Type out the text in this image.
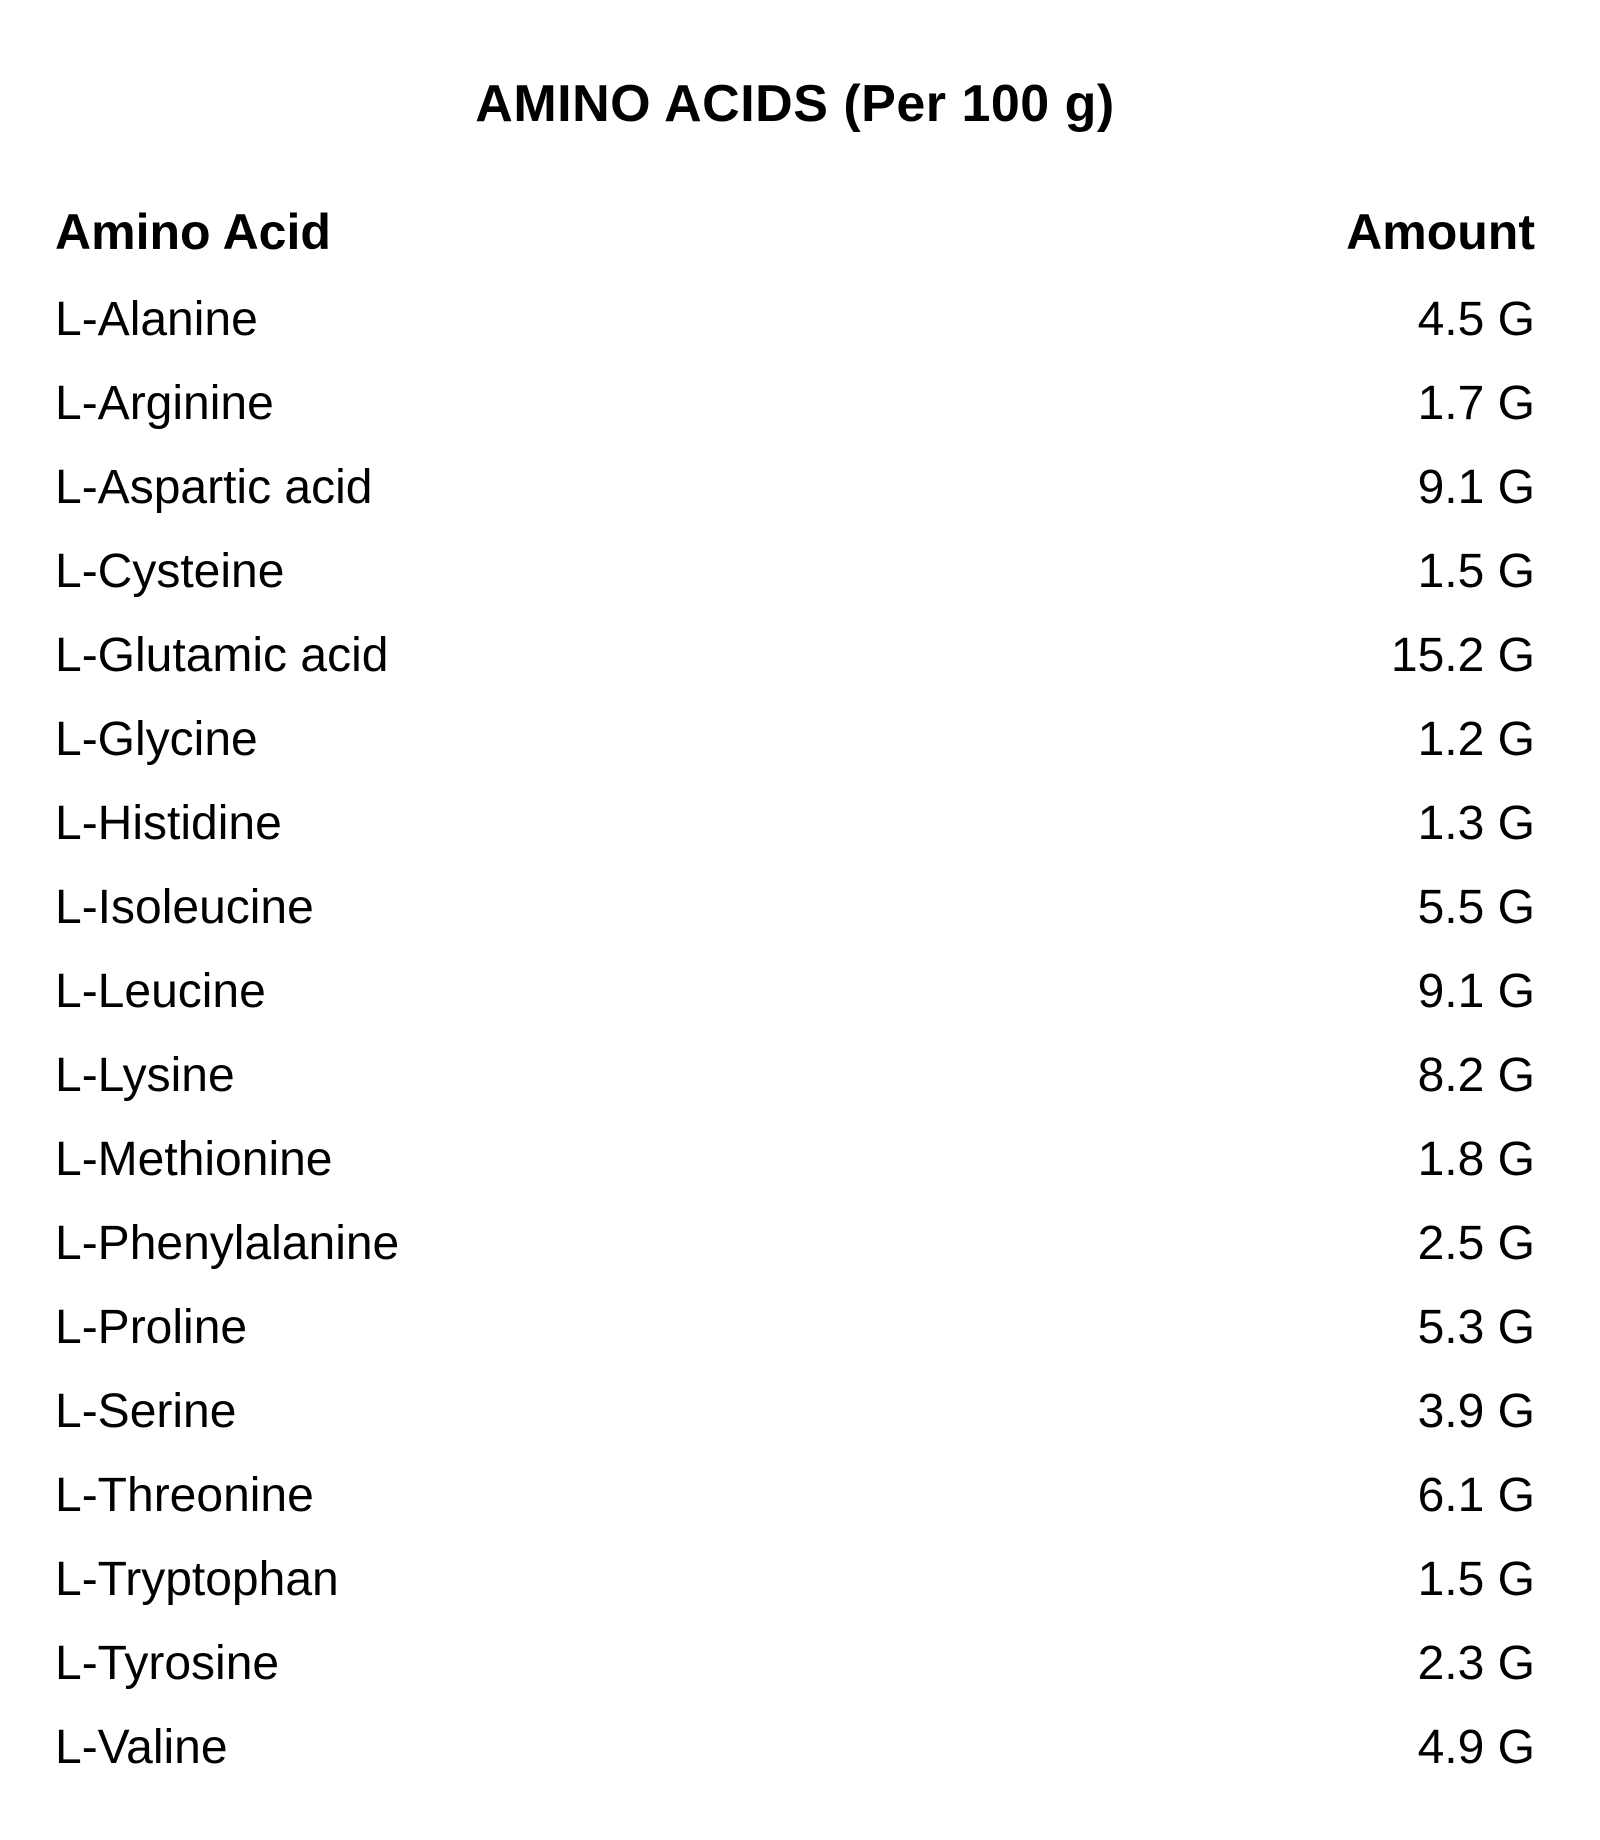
AMINO ACIDS (Per 100 g)
Amino Acid	Amount
L-Alanine	4.5 G
L-Arginine	1.7 G
L-Aspartic acid	9.1 G
L-Cysteine	1.5 G
L-Glutamic acid	15.2 G
L-Glycine	1.2 G
L-Histidine	1.3 G
L-Isoleucine	5.5 G
L-Leucine	9.1 G
L-Lysine	8.2 G
L-Methionine	1.8 G
L-Phenylalanine	2.5 G
L-Proline	5.3 G
L-Serine	3.9 G
L-Threonine	6.1 G
L-Tryptophan	1.5 G
L-Tyrosine	2.3 G
L-Valine	4.9 G
